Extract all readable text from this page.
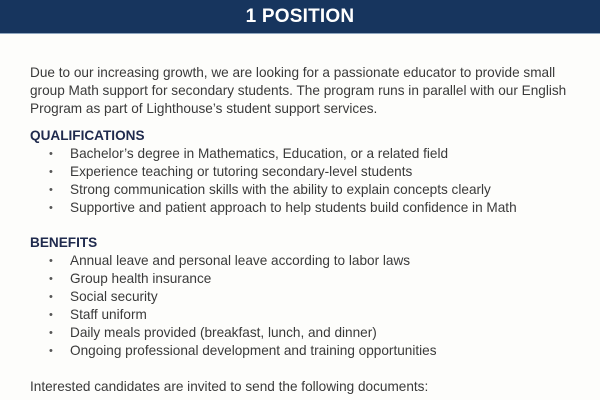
1 POSITION

Due to our increasing growth, we are looking for a passionate educator to provide small group Math support for secondary students. The program runs in parallel with our English Program as part of Lighthouse’s student support services.

QUALIFICATIONS
• Bachelor’s degree in Mathematics, Education, or a related field
• Experience teaching or tutoring secondary-level students
• Strong communication skills with the ability to explain concepts clearly
• Supportive and patient approach to help students build confidence in Math
BENEFITS
• Annual leave and personal leave according to labor laws
• Group health insurance
• Social security
• Staff uniform
• Daily meals provided (breakfast, lunch, and dinner)
• Ongoing professional development and training opportunities

Interested candidates are invited to send the following documents:
